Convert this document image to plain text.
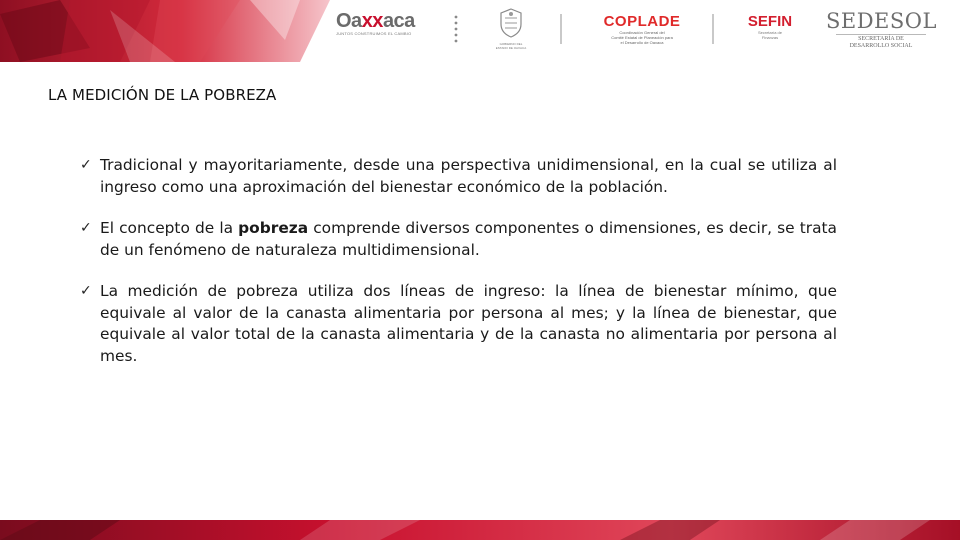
Oaxxaca
JUNTOS CONSTRUIMOS EL CAMBIO
GOBIERNO DEL ESTADO DE OAXACA
COPLADE
Coordinación General del
Comité Estatal de Planeación para
el Desarrollo de Oaxaca
SEFIN
Secretaría de
Finanzas
SEDESOL
SECRETARÍA DE
DESARROLLO SOCIAL
LA MEDICIÓN DE LA POBREZA
✓ Tradicional y mayoritariamente, desde una perspectiva unidimensional, en la cual se utiliza al ingreso como una aproximación del bienestar económico de la población.
✓ El concepto de la pobreza comprende diversos componentes o dimensiones, es decir, se trata de un fenómeno de naturaleza multidimensional.
✓ La medición de pobreza utiliza dos líneas de ingreso: la línea de bienestar mínimo, que equivale al valor de la canasta alimentaria por persona al mes; y la línea de bienestar, que equivale al valor total de la canasta alimentaria y de la canasta no alimentaria por persona al mes.
